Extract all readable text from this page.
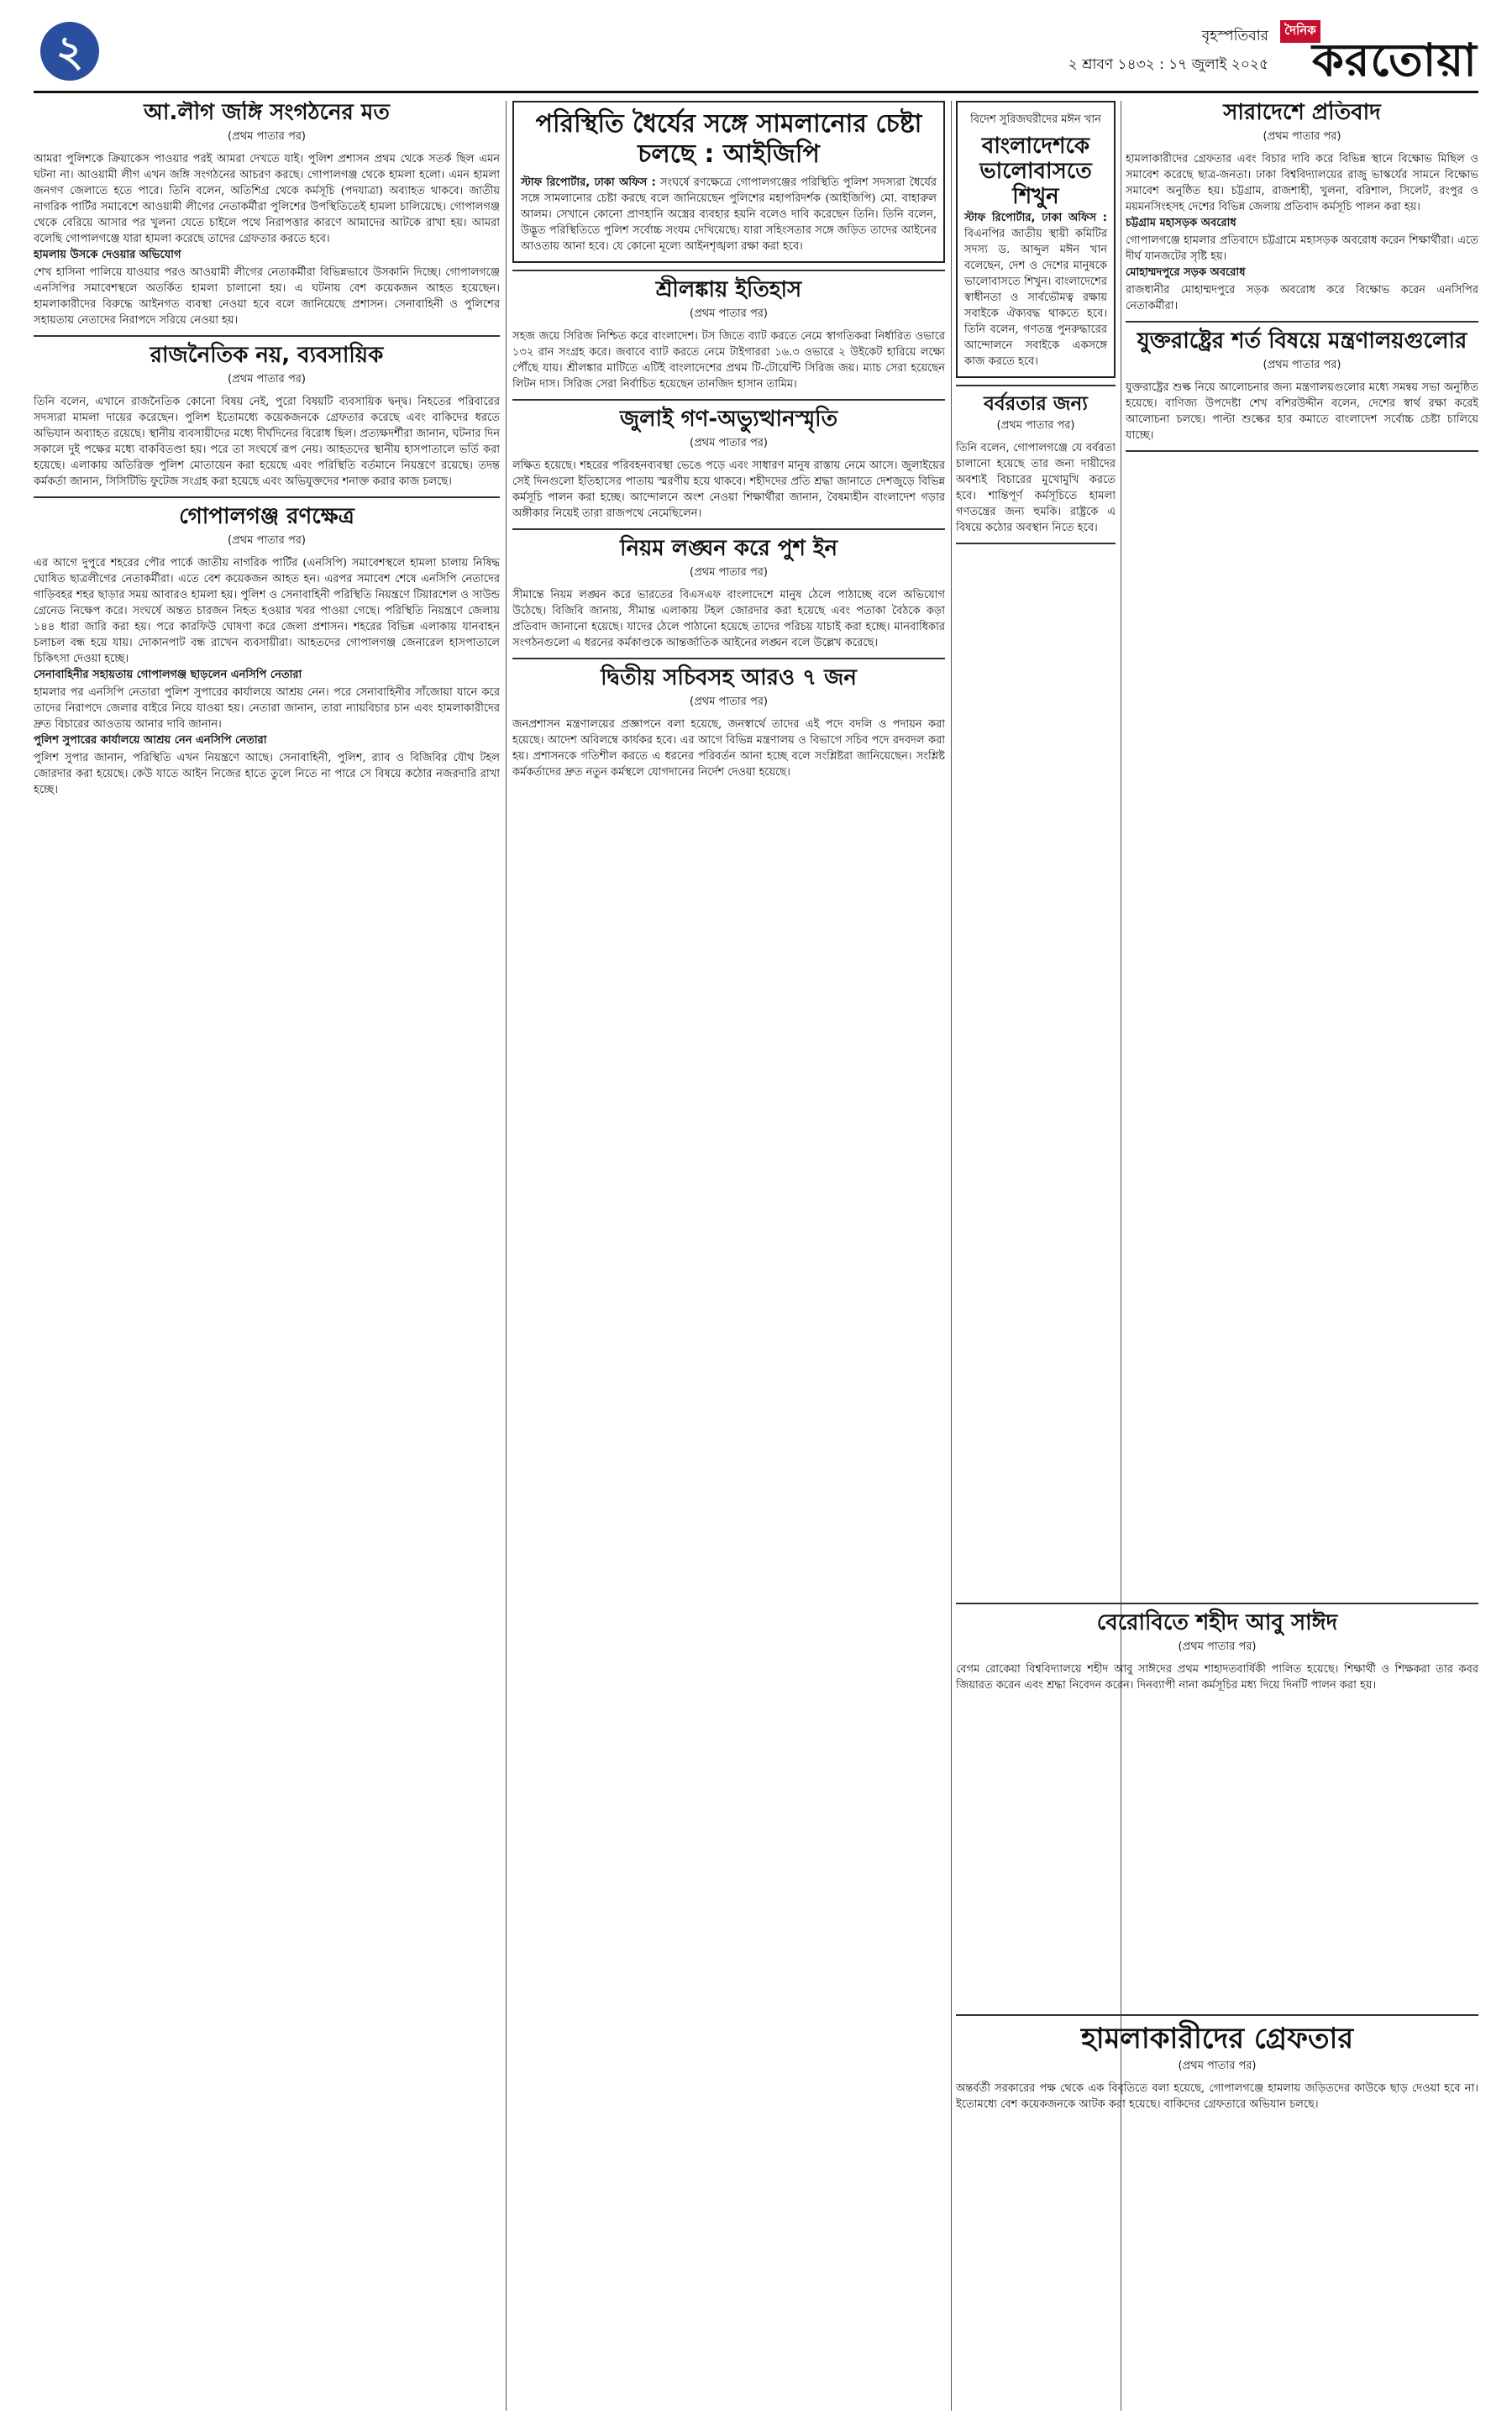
২	বৃহস্পতিবার
২ শ্রাবণ ১৪৩২ : ১৭ জুলাই ২০২৫
দৈনিক
করতোয়া
আ.লীগ জঙ্গি সংগঠনের মত
(প্রথম পাতার পর)

আমরা পুলিশকে ক্রিয়াকেস পাওয়ার পরই আমরা দেখতে যাই। পুলিশ প্রশাসন প্রথম থেকে সতর্ক ছিল এমন ঘটনা না। আওয়ামী লীগ এখন জঙ্গি সংগঠনের আচরণ করছে। গোপালগঞ্জ থেকে হামলা হলো। এমন হামলা জনগণ জেলাতে হতে পারে। তিনি বলেন, অতিশিগ্র থেকে কর্মসূচি (পদযাত্রা) অব্যাহত থাকবে। জাতীয় নাগরিক পার্টির সমাবেশে আওয়ামী লীগের নেতাকর্মীরা পুলিশের উপস্থিতিতেই হামলা চালিয়েছে। গোপালগঞ্জ থেকে বেরিয়ে আসার পর খুলনা যেতে চাইলে পথে নিরাপত্তার কারণে আমাদের আটকে রাখা হয়। আমরা বলেছি গোপালগঞ্জে যারা হামলা করেছে তাদের গ্রেফতার করতে হবে।

হামলায় উসকে দেওয়ার অভিযোগ

শেখ হাসিনা পালিয়ে যাওয়ার পরও আওয়ামী লীগের নেতাকর্মীরা বিভিন্নভাবে উসকানি দিচ্ছে। গোপালগঞ্জে এনসিপির সমাবেশস্থলে অতর্কিত হামলা চালানো হয়। এ ঘটনায় বেশ কয়েকজন আহত হয়েছেন। হামলাকারীদের বিরুদ্ধে আইনগত ব্যবস্থা নেওয়া হবে বলে জানিয়েছে প্রশাসন। সেনাবাহিনী ও পুলিশের সহায়তায় নেতাদের নিরাপদে সরিয়ে নেওয়া হয়।

রাজনৈতিক নয়, ব্যবসায়িক
(প্রথম পাতার পর)

তিনি বলেন, এখানে রাজনৈতিক কোনো বিষয় নেই, পুরো বিষয়টি ব্যবসায়িক দ্বন্দ্ব। নিহতের পরিবারের সদস্যরা মামলা দায়ের করেছেন। পুলিশ ইতোমধ্যে কয়েকজনকে গ্রেফতার করেছে এবং বাকিদের ধরতে অভিযান অব্যাহত রয়েছে। স্থানীয় ব্যবসায়ীদের মধ্যে দীর্ঘদিনের বিরোধ ছিল। প্রত্যক্ষদর্শীরা জানান, ঘটনার দিন সকালে দুই পক্ষের মধ্যে বাকবিতণ্ডা হয়। পরে তা সংঘর্ষে রূপ নেয়। আহতদের স্থানীয় হাসপাতালে ভর্তি করা হয়েছে। এলাকায় অতিরিক্ত পুলিশ মোতায়েন করা হয়েছে এবং পরিস্থিতি বর্তমানে নিয়ন্ত্রণে রয়েছে। তদন্ত কর্মকর্তা জানান, সিসিটিভি ফুটেজ সংগ্রহ করা হয়েছে এবং অভিযুক্তদের শনাক্ত করার কাজ চলছে।

গোপালগঞ্জ রণক্ষেত্র
(প্রথম পাতার পর)

এর আগে দুপুরে শহরের পৌর পার্কে জাতীয় নাগরিক পার্টির (এনসিপি) সমাবেশস্থলে হামলা চালায় নিষিদ্ধ ঘোষিত ছাত্রলীগের নেতাকর্মীরা। এতে বেশ কয়েকজন আহত হন। এরপর সমাবেশ শেষে এনসিপি নেতাদের গাড়িবহর শহর ছাড়ার সময় আবারও হামলা হয়। পুলিশ ও সেনাবাহিনী পরিস্থিতি নিয়ন্ত্রণে টিয়ারশেল ও সাউন্ড গ্রেনেড নিক্ষেপ করে। সংঘর্ষে অন্তত চারজন নিহত হওয়ার খবর পাওয়া গেছে। পরিস্থিতি নিয়ন্ত্রণে জেলায় ১৪৪ ধারা জারি করা হয়। পরে কারফিউ ঘোষণা করে জেলা প্রশাসন। শহরের বিভিন্ন এলাকায় যানবাহন চলাচল বন্ধ হয়ে যায়। দোকানপাট বন্ধ রাখেন ব্যবসায়ীরা। আহতদের গোপালগঞ্জ জেনারেল হাসপাতালে চিকিৎসা দেওয়া হচ্ছে।

সেনাবাহিনীর সহায়তায় গোপালগঞ্জ ছাড়লেন এনসিপি নেতারা

হামলার পর এনসিপি নেতারা পুলিশ সুপারের কার্যালয়ে আশ্রয় নেন। পরে সেনাবাহিনীর সাঁজোয়া যানে করে তাদের নিরাপদে জেলার বাইরে নিয়ে যাওয়া হয়। নেতারা জানান, তারা ন্যায়বিচার চান এবং হামলাকারীদের দ্রুত বিচারের আওতায় আনার দাবি জানান।

পুলিশ সুপারের কার্যালয়ে আশ্রয় নেন এনসিপি নেতারা

পুলিশ সুপার জানান, পরিস্থিতি এখন নিয়ন্ত্রণে আছে। সেনাবাহিনী, পুলিশ, র‍্যাব ও বিজিবির যৌথ টহল জোরদার করা হয়েছে। কেউ যাতে আইন নিজের হাতে তুলে নিতে না পারে সে বিষয়ে কঠোর নজরদারি রাখা হচ্ছে।

পরিস্থিতি ধৈর্যের সঙ্গে সামলানোর চেষ্টা চলছে : আইজিপি

স্টাফ রিপোর্টার, ঢাকা অফিস : সংঘর্ষে রণক্ষেত্রে গোপালগঞ্জের পরিস্থিতি পুলিশ সদস্যরা ধৈর্যের সঙ্গে সামলানোর চেষ্টা করছে বলে জানিয়েছেন পুলিশের মহাপরিদর্শক (আইজিপি) মো. বাহারুল আলম। সেখানে কোনো প্রাণহানি অস্ত্রের ব্যবহার হয়নি বলেও দাবি করেছেন তিনি। তিনি বলেন, উদ্ভূত পরিস্থিতিতে পুলিশ সর্বোচ্চ সংযম দেখিয়েছে। যারা সহিংসতার সঙ্গে জড়িত তাদের আইনের আওতায় আনা হবে। যে কোনো মূল্যে আইনশৃঙ্খলা রক্ষা করা হবে।

শ্রীলঙ্কায় ইতিহাস
(প্রথম পাতার পর)

সহজ জয়ে সিরিজ নিশ্চিত করে বাংলাদেশ। টস জিতে ব্যাট করতে নেমে স্বাগতিকরা নির্ধারিত ওভারে ১৩২ রান সংগ্রহ করে। জবাবে ব্যাট করতে নেমে টাইগাররা ১৬.৩ ওভারে ২ উইকেট হারিয়ে লক্ষ্যে পৌঁছে যায়। শ্রীলঙ্কার মাটিতে এটিই বাংলাদেশের প্রথম টি-টোয়েন্টি সিরিজ জয়। ম্যাচ সেরা হয়েছেন লিটন দাস। সিরিজ সেরা নির্বাচিত হয়েছেন তানজিদ হাসান তামিম।

জুলাই গণ-অভ্যুত্থানস্মৃতি
(প্রথম পাতার পর)

লক্ষিত হয়েছে। শহরের পরিবহনব্যবস্থা ভেঙে পড়ে এবং সাধারণ মানুষ রাস্তায় নেমে আসে। জুলাইয়ের সেই দিনগুলো ইতিহাসের পাতায় স্মরণীয় হয়ে থাকবে। শহীদদের প্রতি শ্রদ্ধা জানাতে দেশজুড়ে বিভিন্ন কর্মসূচি পালন করা হচ্ছে। আন্দোলনে অংশ নেওয়া শিক্ষার্থীরা জানান, বৈষম্যহীন বাংলাদেশ গড়ার অঙ্গীকার নিয়েই তারা রাজপথে নেমেছিলেন।

নিয়ম লঙ্ঘন করে পুশ ইন
(প্রথম পাতার পর)

সীমান্তে নিয়ম লঙ্ঘন করে ভারতের বিএসএফ বাংলাদেশে মানুষ ঠেলে পাঠাচ্ছে বলে অভিযোগ উঠেছে। বিজিবি জানায়, সীমান্ত এলাকায় টহল জোরদার করা হয়েছে এবং পতাকা বৈঠকে কড়া প্রতিবাদ জানানো হয়েছে। যাদের ঠেলে পাঠানো হয়েছে তাদের পরিচয় যাচাই করা হচ্ছে। মানবাধিকার সংগঠনগুলো এ ধরনের কর্মকাণ্ডকে আন্তর্জাতিক আইনের লঙ্ঘন বলে উল্লেখ করেছে।

দ্বিতীয় সচিবসহ আরও ৭ জন
(প্রথম পাতার পর)

জনপ্রশাসন মন্ত্রণালয়ের প্রজ্ঞাপনে বলা হয়েছে, জনস্বার্থে তাদের এই পদে বদলি ও পদায়ন করা হয়েছে। আদেশ অবিলম্বে কার্যকর হবে। এর আগে বিভিন্ন মন্ত্রণালয় ও বিভাগে সচিব পদে রদবদল করা হয়। প্রশাসনকে গতিশীল করতে এ ধরনের পরিবর্তন আনা হচ্ছে বলে সংশ্লিষ্টরা জানিয়েছেন। সংশ্লিষ্ট কর্মকর্তাদের দ্রুত নতুন কর্মস্থলে যোগদানের নির্দেশ দেওয়া হয়েছে।

বিদেশ সুরিজঘরীদের মঈন খান
বাংলাদেশকে ভালোবাসতে শিখুন

স্টাফ রিপোর্টার, ঢাকা অফিস : বিএনপির জাতীয় স্থায়ী কমিটির সদস্য ড. আব্দুল মঈন খান বলেছেন, দেশ ও দেশের মানুষকে ভালোবাসতে শিখুন। বাংলাদেশের স্বাধীনতা ও সার্বভৌমত্ব রক্ষায় সবাইকে ঐক্যবদ্ধ থাকতে হবে। তিনি বলেন, গণতন্ত্র পুনরুদ্ধারের আন্দোলনে সবাইকে একসঙ্গে কাজ করতে হবে।

বর্বরতার জন্য
(প্রথম পাতার পর)

তিনি বলেন, গোপালগঞ্জে যে বর্বরতা চালানো হয়েছে তার জন্য দায়ীদের অবশ্যই বিচারের মুখোমুখি করতে হবে। শান্তিপূর্ণ কর্মসূচিতে হামলা গণতন্ত্রের জন্য হুমকি। রাষ্ট্রকে এ বিষয়ে কঠোর অবস্থান নিতে হবে।

সারাদেশে প্রতিবাদ
(প্রথম পাতার পর)

হামলাকারীদের গ্রেফতার এবং বিচার দাবি করে বিভিন্ন স্থানে বিক্ষোভ মিছিল ও সমাবেশ করেছে ছাত্র-জনতা। ঢাকা বিশ্ববিদ্যালয়ের রাজু ভাস্কর্যের সামনে বিক্ষোভ সমাবেশ অনুষ্ঠিত হয়। চট্টগ্রাম, রাজশাহী, খুলনা, বরিশাল, সিলেট, রংপুর ও ময়মনসিংহসহ দেশের বিভিন্ন জেলায় প্রতিবাদ কর্মসূচি পালন করা হয়।

চট্টগ্রাম মহাসড়ক অবরোধ

গোপালগঞ্জে হামলার প্রতিবাদে চট্টগ্রামে মহাসড়ক অবরোধ করেন শিক্ষার্থীরা। এতে দীর্ঘ যানজটের সৃষ্টি হয়।

মোহাম্মদপুরে সড়ক অবরোধ

রাজধানীর মোহাম্মদপুরে সড়ক অবরোধ করে বিক্ষোভ করেন এনসিপির নেতাকর্মীরা।

যুক্তরাষ্ট্রের শর্ত বিষয়ে মন্ত্রণালয়গুলোর
(প্রথম পাতার পর)

যুক্তরাষ্ট্রের শুল্ক নিয়ে আলোচনার জন্য মন্ত্রণালয়গুলোর মধ্যে সমন্বয় সভা অনুষ্ঠিত হয়েছে। বাণিজ্য উপদেষ্টা শেখ বশিরউদ্দীন বলেন, দেশের স্বার্থ রক্ষা করেই আলোচনা চলছে। পাল্টা শুল্কের হার কমাতে বাংলাদেশ সর্বোচ্চ চেষ্টা চালিয়ে যাচ্ছে।

বেরোবিতে শহীদ আবু সাঈদ
(প্রথম পাতার পর)

বেগম রোকেয়া বিশ্ববিদ্যালয়ে শহীদ আবু সাঈদের প্রথম শাহাদতবার্ষিকী পালিত হয়েছে। শিক্ষার্থী ও শিক্ষকরা তার কবর জিয়ারত করেন এবং শ্রদ্ধা নিবেদন করেন। দিনব্যাপী নানা কর্মসূচির মধ্য দিয়ে দিনটি পালন করা হয়।

হামলাকারীদের গ্রেফতার
(প্রথম পাতার পর)

অন্তর্বর্তী সরকারের পক্ষ থেকে এক বিবৃতিতে বলা হয়েছে, গোপালগঞ্জে হামলায় জড়িতদের কাউকে ছাড় দেওয়া হবে না। ইতোমধ্যে বেশ কয়েকজনকে আটক করা হয়েছে। বাকিদের গ্রেফতারে অভিযান চলছে।
